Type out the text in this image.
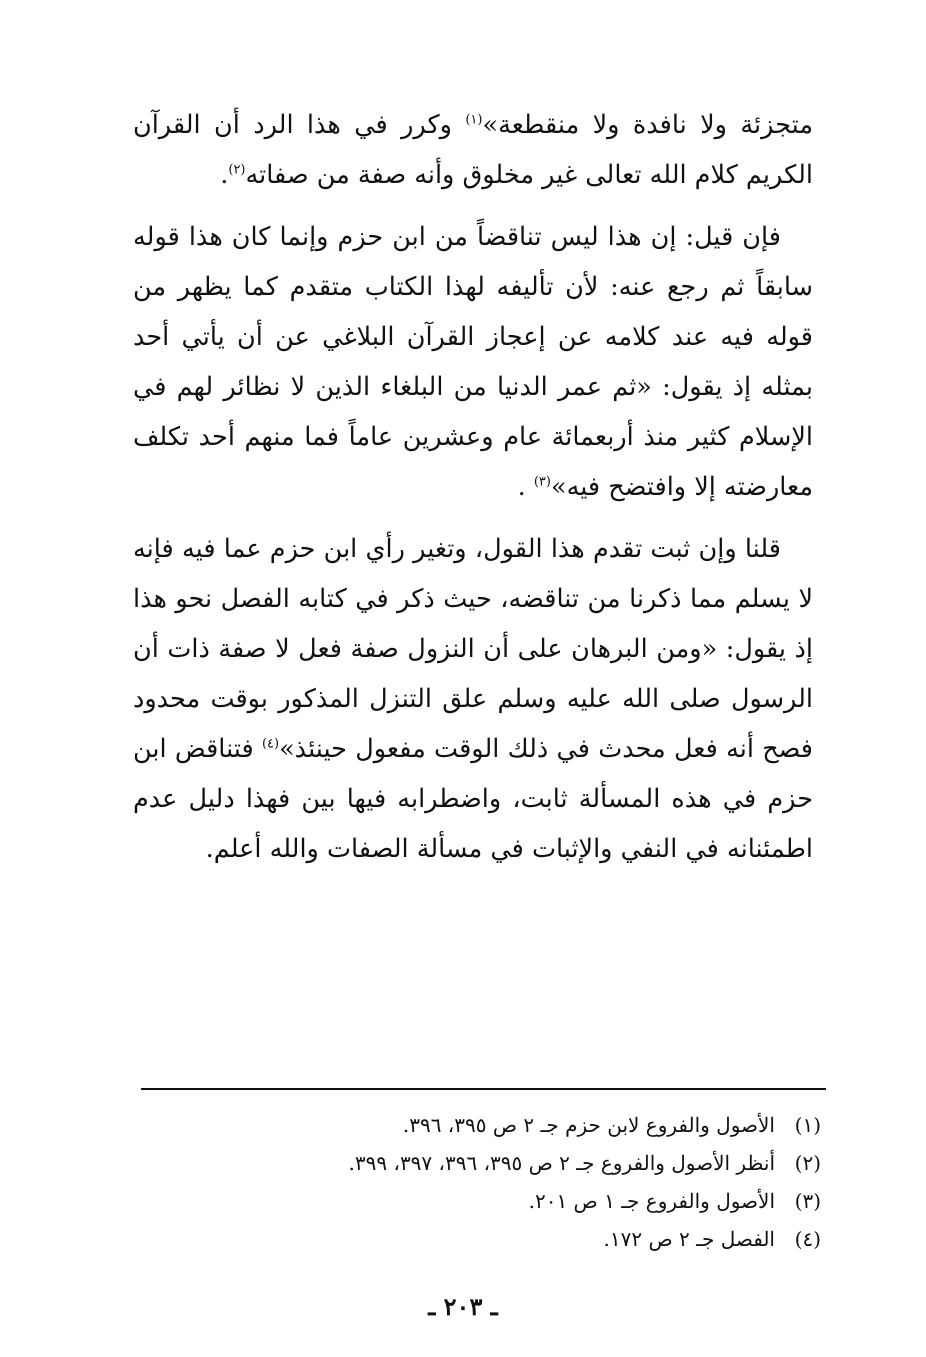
متجزئة ولا نافدة ولا منقطعة»$^{(١)}$ وكرر في هذا الرد أن القرآن الكريم كلام الله تعالى غير مخلوق وأنه صفة من صفاته$^{(٢)}$.

فإن قيل: إن هذا ليس تناقضاً من ابن حزم وإنما كان هذا قوله سابقاً ثم رجع عنه: لأن تأليفه لهذا الكتاب متقدم كما يظهر من قوله فيه عند كلامه عن إعجاز القرآن البلاغي عن أن يأتي أحد بمثله إذ يقول: «ثم عمر الدنيا من البلغاء الذين لا نظائر لهم في الإسلام كثير منذ أربعمائة عام وعشرين عاماً فما منهم أحد تكلف معارضته إلا وافتضح فيه»$^{(٣)}$ .

قلنا وإن ثبت تقدم هذا القول، وتغير رأي ابن حزم عما فيه فإنه لا يسلم مما ذكرنا من تناقضه، حيث ذكر في كتابه الفصل نحو هذا إذ يقول: «ومن البرهان على أن النزول صفة فعل لا صفة ذات أن الرسول صلى الله عليه وسلم علق التنزل المذكور بوقت محدود فصح أنه فعل محدث في ذلك الوقت مفعول حينئذ»$^{(٤)}$ فتناقض ابن حزم في هذه المسألة ثابت، واضطرابه فيها بين فهذا دليل عدم اطمئنانه في النفي والإثبات في مسألة الصفات والله أعلم.

(١)
الأصول والفروع لابن حزم جـ ٢ ص ٣٩٥، ٣٩٦.
(٢)
أنظر الأصول والفروع جـ ٢ ص ٣٩٥، ٣٩٦، ٣٩٧، ٣٩٩.
(٣)
الأصول والفروع جـ ١ ص ٢٠١.
(٤)
الفصل جـ ٢ ص ١٧٢.
ـ ٢٠٣ ـ
